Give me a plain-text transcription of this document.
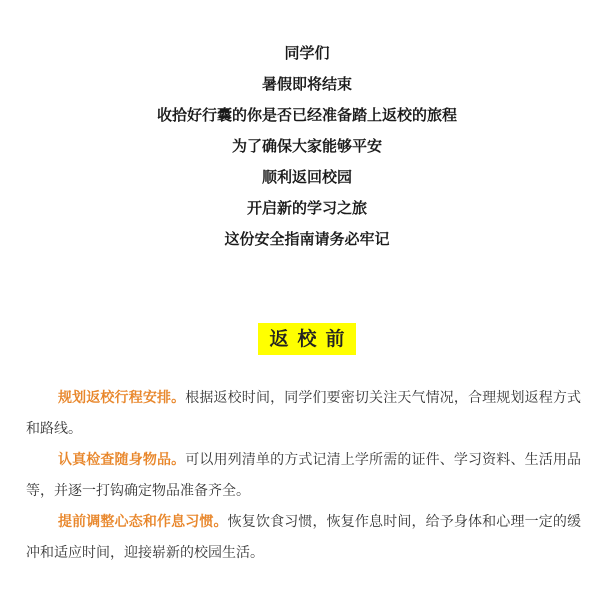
同学们
暑假即将结束
收拾好行囊的你是否已经准备踏上返校的旅程
为了确保大家能够平安
顺利返回校园
开启新的学习之旅
这份安全指南请务必牢记
返校前

规划返校行程安排。根据返校时间，同学们要密切关注天气情况，合理规划返程方式和路线。

认真检查随身物品。可以用列清单的方式记清上学所需的证件、学习资料、生活用品等，并逐一打钩确定物品准备齐全。

提前调整心态和作息习惯。恢复饮食习惯，恢复作息时间，给予身体和心理一定的缓冲和适应时间，迎接崭新的校园生活。
